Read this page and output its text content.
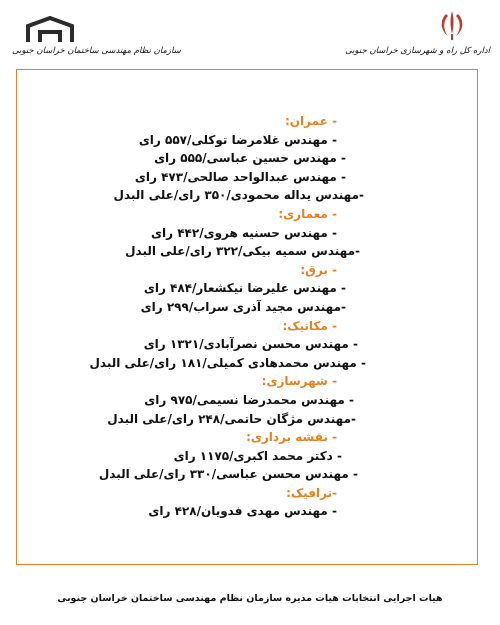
اداره کل راه و شهرسازی خراسان جنوبی
سازمان نظام مهندسی ساختمان خراسان جنوبی
- عمران:
- مهندس غلامرضا توکلی/۵۵۷ رای
- مهندس حسین عباسی/۵۵۵ رای
- مهندس عبدالواحد صالحی/۴۷۳ رای
-مهندس یداله محمودی/۳۵۰ رای/علی البدل
- معماری:
- مهندس حسنیه هروی/۴۴۲ رای
-مهندس سمیه بیکی/۳۲۲ رای/علی البدل
- برق:
- مهندس علیرضا نیکشعار/۴۸۴ رای
-مهندس مجید آذری سراب/۲۹۹ رای
- مکانیک:
- مهندس محسن نصرآبادی/۱۳۲۱ رای
- مهندس محمدهادی کمیلی/۱۸۱ رای/علی البدل
- شهرسازی:
- مهندس محمدرضا نسیمی/۹۷۵ رای
-مهندس مژگان حاتمی/۲۴۸ رای/علی البدل
- نقشه برداری:
- دکتر محمد اکبری/۱۱۷۵ رای
- مهندس محسن عباسی/۳۳۰ رای/علی البدل
-ترافیک:
- مهندس مهدی فدویان/۴۲۸ رای
هیات اجرایی انتخابات هیات مدیره سازمان نظام مهندسی ساختمان خراسان جنوبی
